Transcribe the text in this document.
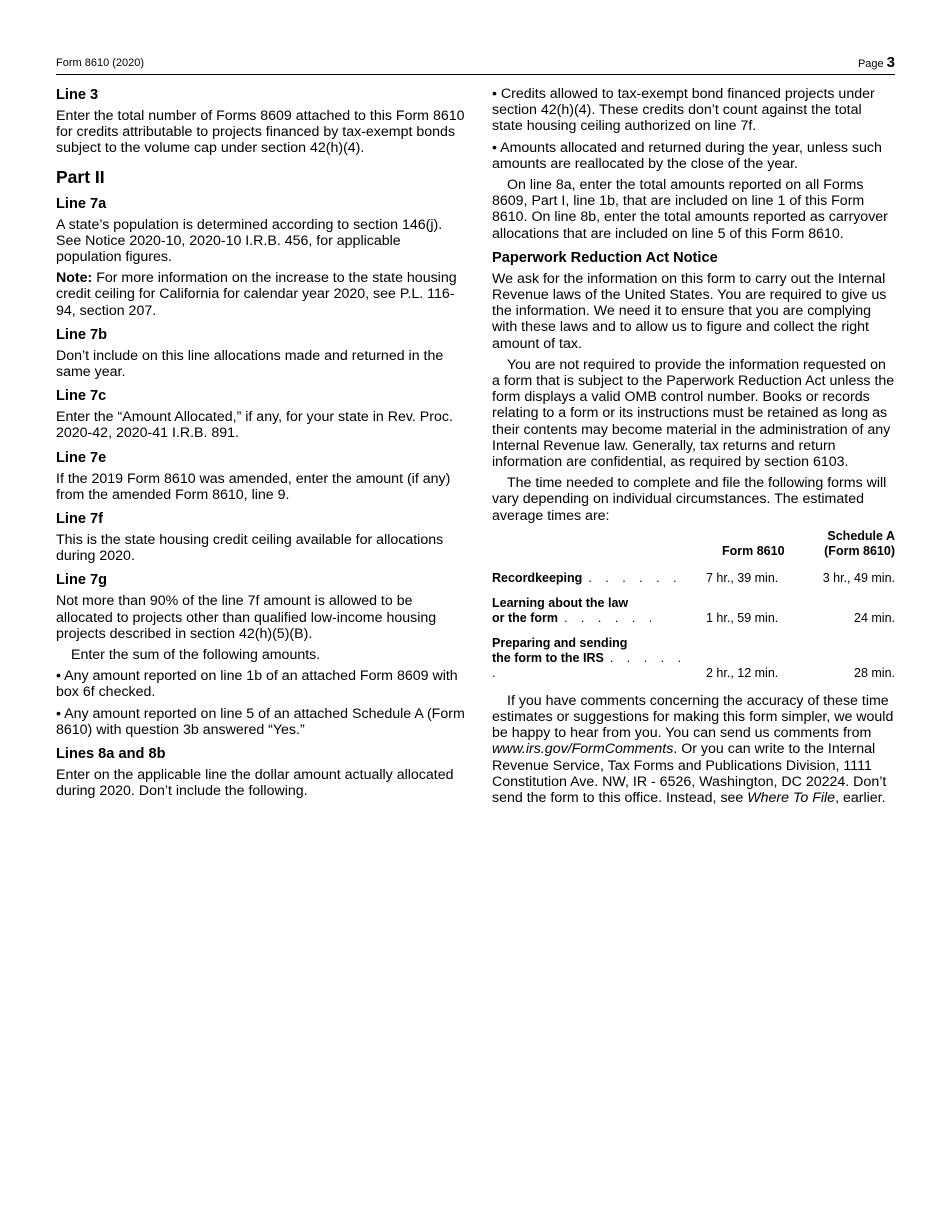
Form 8610 (2020)	Page 3
Line 3

Enter the total number of Forms 8609 attached to this Form 8610 for credits attributable to projects financed by tax-exempt bonds subject to the volume cap under section 42(h)(4).

Part II
Line 7a

A state’s population is determined according to section 146(j). See Notice 2020-10, 2020-10 I.R.B. 456, for applicable population figures.

Note: For more information on the increase to the state housing credit ceiling for California for calendar year 2020, see P.L. 116-94, section 207.

Line 7b

Don’t include on this line allocations made and returned in the same year.

Line 7c

Enter the “Amount Allocated,” if any, for your state in Rev. Proc. 2020-42, 2020-41 I.R.B. 891.

Line 7e

If the 2019 Form 8610 was amended, enter the amount (if any) from the amended Form 8610, line 9.

Line 7f

This is the state housing credit ceiling available for allocations during 2020.

Line 7g

Not more than 90% of the line 7f amount is allowed to be allocated to projects other than qualified low-income housing projects described in section 42(h)(5)(B).

Enter the sum of the following amounts.

• Any amount reported on line 1b of an attached Form 8609 with box 6f checked.

• Any amount reported on line 5 of an attached Schedule A (Form 8610) with question 3b answered “Yes.”

Lines 8a and 8b

Enter on the applicable line the dollar amount actually allocated during 2020. Don’t include the following.

• Credits allowed to tax-exempt bond financed projects under section 42(h)(4). These credits don’t count against the total state housing ceiling authorized on line 7f.

• Amounts allocated and returned during the year, unless such amounts are reallocated by the close of the year.

On line 8a, enter the total amounts reported on all Forms 8609, Part I, line 1b, that are included on line 1 of this Form 8610. On line 8b, enter the total amounts reported as carryover allocations that are included on line 5 of this Form 8610.

Paperwork Reduction Act Notice

We ask for the information on this form to carry out the Internal Revenue laws of the United States. You are required to give us the information. We need it to ensure that you are complying with these laws and to allow us to figure and collect the right amount of tax.

You are not required to provide the information requested on a form that is subject to the Paperwork Reduction Act unless the form displays a valid OMB control number. Books or records relating to a form or its instructions must be retained as long as their contents may become material in the administration of any Internal Revenue law. Generally, tax returns and return information are confidential, as required by section 6103.

The time needed to complete and file the following forms will vary depending on individual circumstances. The estimated average times are:

	Form 8610	Schedule A
(Form 8610)
Recordkeeping . . . . . .	7 hr., 39 min.	3 hr., 49 min.
Learning about the law
or the form . . . . . .	1 hr., 59 min.	24 min.
Preparing and sending
the form to the IRS . . . . . .	2 hr., 12 min.	28 min.

If you have comments concerning the accuracy of these time estimates or suggestions for making this form simpler, we would be happy to hear from you. You can send us comments from www.irs.gov/FormComments. Or you can write to the Internal Revenue Service, Tax Forms and Publications Division, 1111 Constitution Ave. NW, IR - 6526, Washington, DC 20224. Don’t send the form to this office. Instead, see Where To File, earlier.
